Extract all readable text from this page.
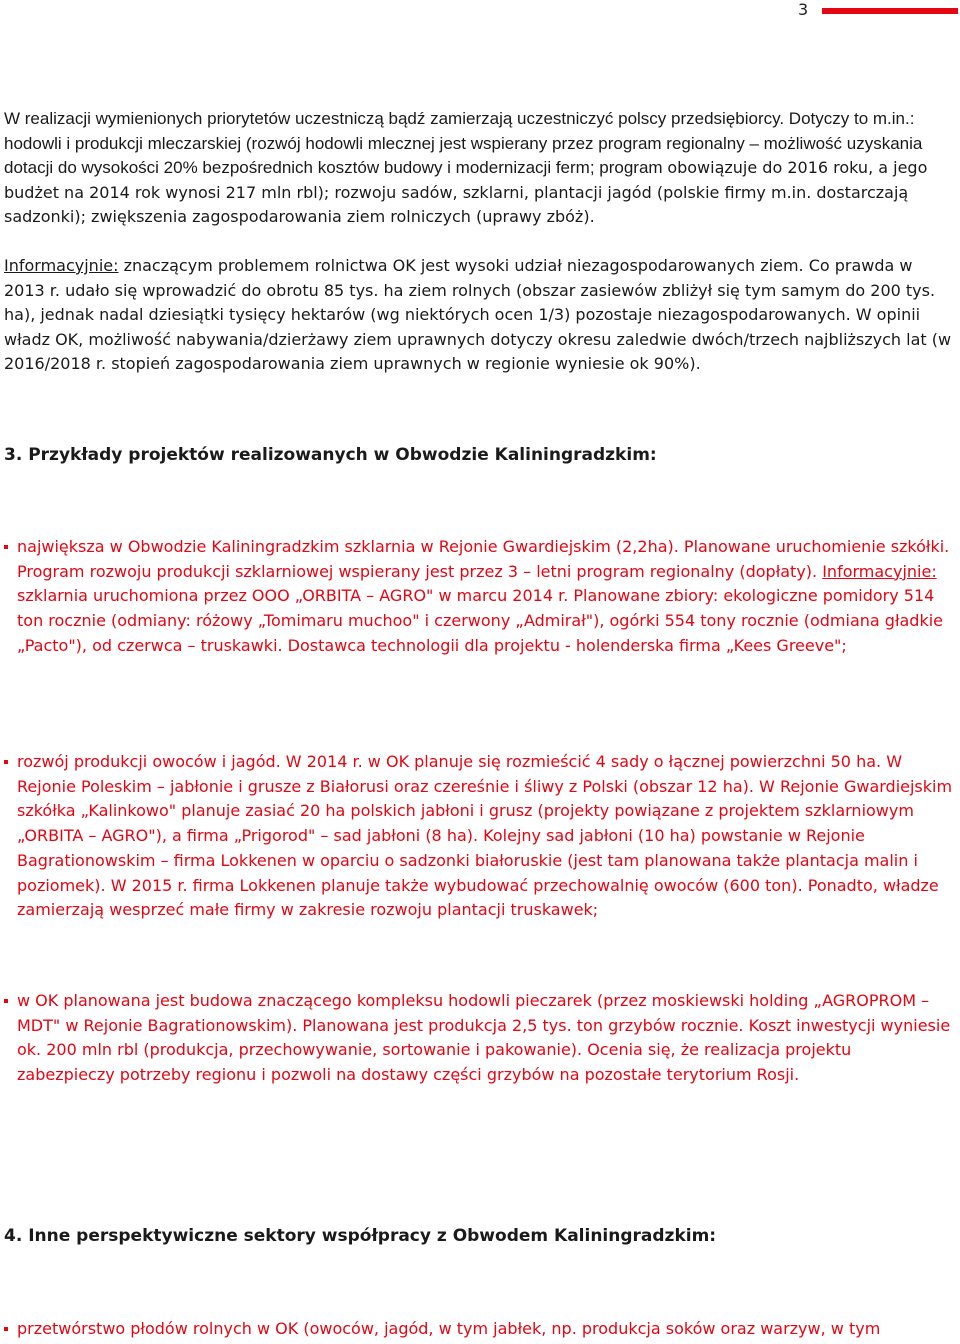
3

W realizacji wymienionych priorytetów uczestniczą bądź zamierzają uczestniczyć polscy przedsiębiorcy. Dotyczy to m.in.: hodowli i produkcji mleczarskiej (rozwój hodowli mlecznej jest wspierany przez program regionalny – możliwość uzyskania dotacji do wysokości 20% bezpośrednich kosztów budowy i modernizacji ferm; program obowiązuje do 2016 roku, a jego budżet na 2014 rok wynosi 217 mln rbl); rozwoju sadów, szklarni, plantacji jagód (polskie firmy m.in. dostarczają sadzonki); zwiększenia zagospodarowania ziem rolniczych (uprawy zbóż).

Informacyjnie: znaczącym problemem rolnictwa OK jest wysoki udział niezagospodarowanych ziem. Co prawda w 2013 r. udało się wprowadzić do obrotu 85 tys. ha ziem rolnych (obszar zasiewów zbliżył się tym samym do 200 tys. ha), jednak nadal dziesiątki tysięcy hektarów (wg niektórych ocen 1/3) pozostaje niezagospodarowanych. W opinii władz OK, możliwość nabywania/dzierżawy ziem uprawnych dotyczy okresu zaledwie dwóch/trzech najbliższych lat (w 2016/2018 r. stopień zagospodarowania ziem uprawnych w regionie wyniesie ok 90%).

3. Przykłady projektów realizowanych w Obwodzie Kaliningradzkim:
największa w Obwodzie Kaliningradzkim szklarnia w Rejonie Gwardiejskim (2,2ha). Planowane uruchomienie szkółki. Program rozwoju produkcji szklarniowej wspierany jest przez 3 – letni program regionalny (dopłaty). Informacyjnie: szklarnia uruchomiona przez OOO „ORBITA – AGRO" w marcu 2014 r. Planowane zbiory: ekologiczne pomidory 514 ton rocznie (odmiany: różowy „Tomimaru muchoo" i czerwony „Admirał"), ogórki 554 tony rocznie (odmiana gładkie „Pacto"), od czerwca – truskawki. Dostawca technologii dla projektu - holenderska firma „Kees Greeve";
rozwój produkcji owoców i jagód. W 2014 r. w OK planuje się rozmieścić 4 sady o łącznej powierzchni 50 ha. W Rejonie Poleskim – jabłonie i grusze z Białorusi oraz czereśnie i śliwy z Polski (obszar 12 ha). W Rejonie Gwardiejskim szkółka „Kalinkowo" planuje zasiać 20 ha polskich jabłoni i grusz (projekty powiązane z projektem szklarniowym „ORBITA – AGRO"), a firma „Prigorod" – sad jabłoni (8 ha). Kolejny sad jabłoni (10 ha) powstanie w Rejonie Bagrationowskim – firma Lokkenen w oparciu o sadzonki białoruskie (jest tam planowana także plantacja malin i poziomek). W 2015 r. firma Lokkenen planuje także wybudować przechowalnię owoców (600 ton). Ponadto, władze zamierzają wesprzeć małe firmy w zakresie rozwoju plantacji truskawek;
w OK planowana jest budowa znaczącego kompleksu hodowli pieczarek (przez moskiewski holding „AGROPROM – MDT" w Rejonie Bagrationowskim). Planowana jest produkcja 2,5 tys. ton grzybów rocznie. Koszt inwestycji wyniesie ok. 200 mln rbl (produkcja, przechowywanie, sortowanie i pakowanie). Ocenia się, że realizacja projektu zabezpieczy potrzeby regionu i pozwoli na dostawy części grzybów na pozostałe terytorium Rosji.
4. Inne perspektywiczne sektory współpracy z Obwodem Kaliningradzkim:
przetwórstwo płodów rolnych w OK (owoców, jagód, w tym jabłek, np. produkcja soków oraz warzyw, w tym
